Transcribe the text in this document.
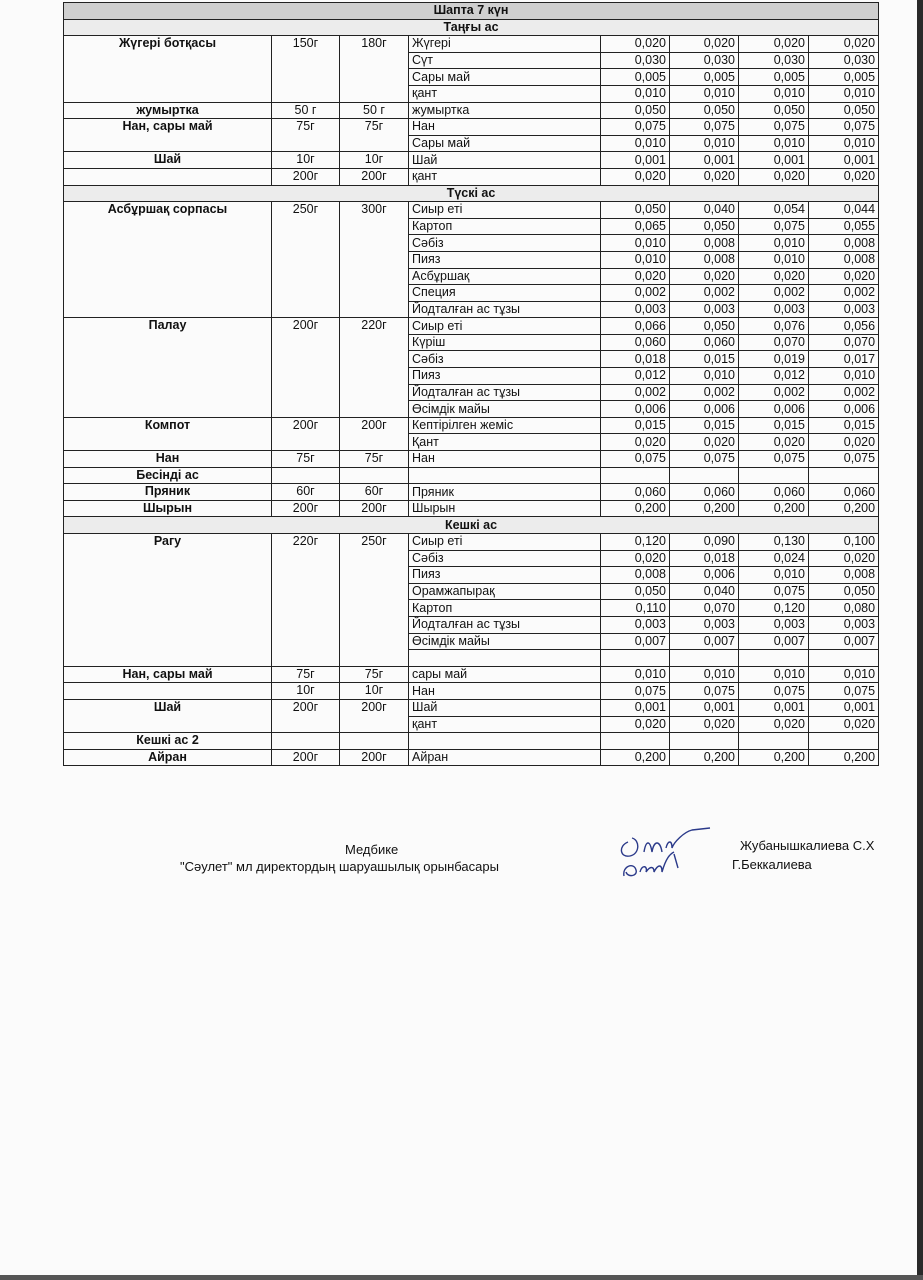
Шапта 7 күн							
Таңғы ас							
Жүгері ботқасы	150г	180г	Жүгері	0,020	0,020	0,020	0,020
			Сүт	0,030	0,030	0,030	0,030
			Сары май	0,005	0,005	0,005	0,005
			қант	0,010	0,010	0,010	0,010
жумыртка	50 г	50 г	жумыртка	0,050	0,050	0,050	0,050
Нан, сары май	75г	75г	Нан	0,075	0,075	0,075	0,075
			Сары май	0,010	0,010	0,010	0,010
Шай	10г	10г	Шай	0,001	0,001	0,001	0,001
	200г	200г	қант	0,020	0,020	0,020	0,020
Түскі ас							
Асбұршақ сорпасы	250г	300г	Сиыр еті	0,050	0,040	0,054	0,044
			Картоп	0,065	0,050	0,075	0,055
			Сәбіз	0,010	0,008	0,010	0,008
			Пияз	0,010	0,008	0,010	0,008
			Асбұршақ	0,020	0,020	0,020	0,020
			Специя	0,002	0,002	0,002	0,002
			Йодталған ас тұзы	0,003	0,003	0,003	0,003
Палау	200г	220г	Сиыр еті	0,066	0,050	0,076	0,056
			Күріш	0,060	0,060	0,070	0,070
			Сәбіз	0,018	0,015	0,019	0,017
			Пияз	0,012	0,010	0,012	0,010
			Йодталған ас тұзы	0,002	0,002	0,002	0,002
			Өсімдік майы	0,006	0,006	0,006	0,006
Компот	200г	200г	Кептірілген жеміс	0,015	0,015	0,015	0,015
			Қант	0,020	0,020	0,020	0,020
Нан	75г	75г	Нан	0,075	0,075	0,075	0,075
Бесінді ас							
Пряник	60г	60г	Пряник	0,060	0,060	0,060	0,060
Шырын	200г	200г	Шырын	0,200	0,200	0,200	0,200
Кешкі ас							
Рагу	220г	250г	Сиыр еті	0,120	0,090	0,130	0,100
			Сәбіз	0,020	0,018	0,024	0,020
			Пияз	0,008	0,006	0,010	0,008
			Орамжапырақ	0,050	0,040	0,075	0,050
			Картоп	0,110	0,070	0,120	0,080
			Йодталған ас тұзы	0,003	0,003	0,003	0,003
			Өсімдік майы	0,007	0,007	0,007	0,007

Нан, сары май	75г	75г	сары май	0,010	0,010	0,010	0,010
	10г	10г	Нан	0,075	0,075	0,075	0,075
Шай	200г	200г	Шай	0,001	0,001	0,001	0,001
			қант	0,020	0,020	0,020	0,020
Кешкі ас 2							
Айран	200г	200г	Айран	0,200	0,200	0,200	0,200
Медбике
"Сәулет" мл директордың шаруашылық орынбасары
Жубанышкалиева С.Х
Г.Беккалиева
